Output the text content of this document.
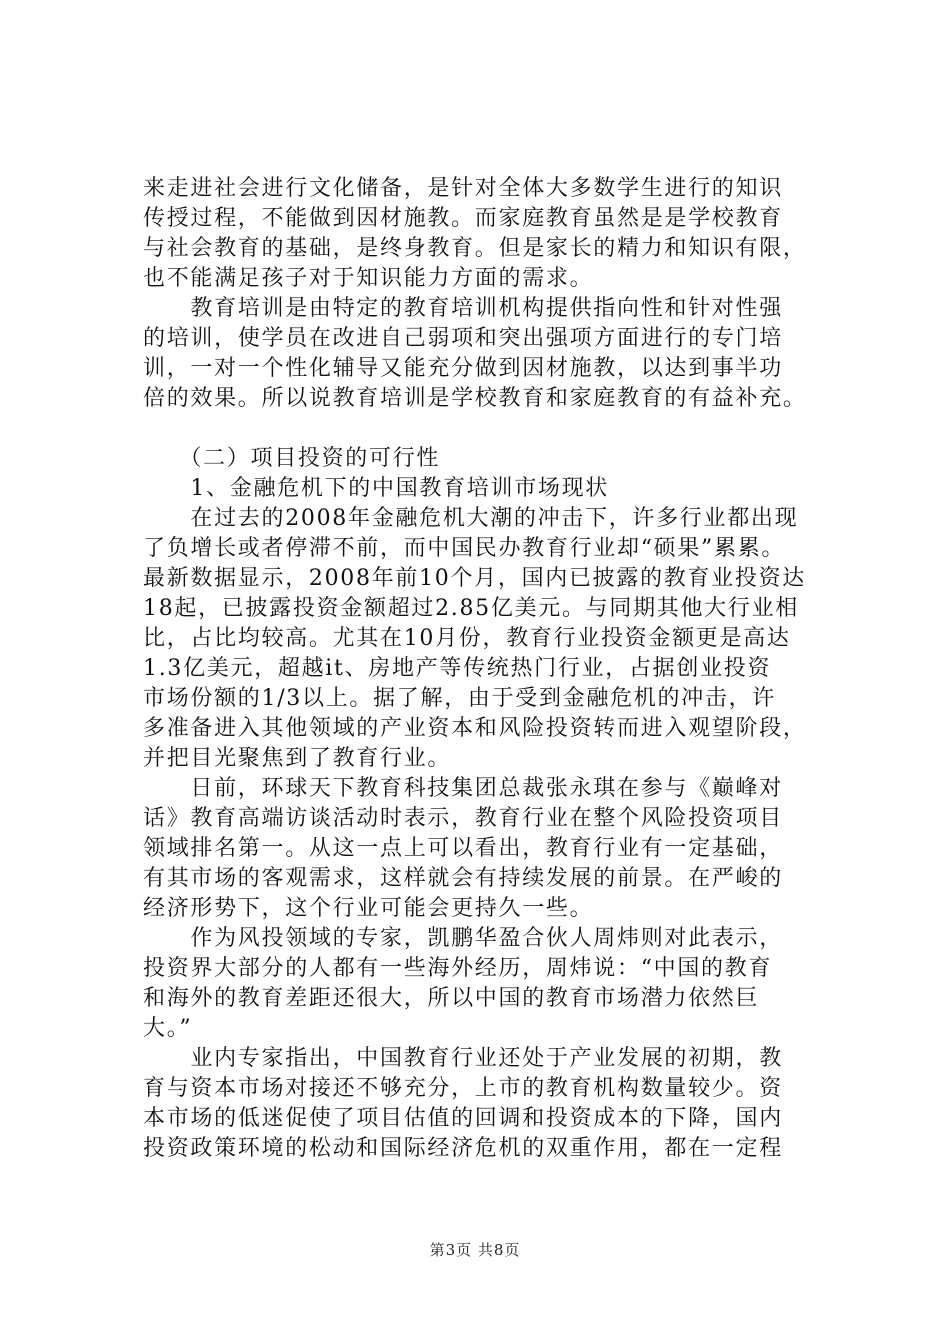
来走进社会进行文化储备，是针对全体大多数学生进行的知识
传授过程，不能做到因材施教。而家庭教育虽然是是学校教育
与社会教育的基础，是终身教育。但是家长的精力和知识有限，
也不能满足孩子对于知识能力方面的需求。
　　教育培训是由特定的教育培训机构提供指向性和针对性强
的培训，使学员在改进自己弱项和突出强项方面进行的专门培
训，一对一个性化辅导又能充分做到因材施教，以达到事半功
倍的效果。所以说教育培训是学校教育和家庭教育的有益补充。
　　（二）项目投资的可行性
　　1、金融危机下的中国教育培训市场现状
　　在过去的2008年金融危机大潮的冲击下，许多行业都出现
了负增长或者停滞不前，而中国民办教育行业却“硕果”累累。
最新数据显示，2008年前10个月，国内已披露的教育业投资达
18起，已披露投资金额超过2.85亿美元。与同期其他大行业相
比，占比均较高。尤其在10月份，教育行业投资金额更是高达
1.3亿美元，超越it、房地产等传统热门行业，占据创业投资
市场份额的1/3以上。据了解，由于受到金融危机的冲击，许
多准备进入其他领域的产业资本和风险投资转而进入观望阶段，
并把目光聚焦到了教育行业。
　　日前，环球天下教育科技集团总裁张永琪在参与《巅峰对
话》教育高端访谈活动时表示，教育行业在整个风险投资项目
领域排名第一。从这一点上可以看出，教育行业有一定基础，
有其市场的客观需求，这样就会有持续发展的前景。在严峻的
经济形势下，这个行业可能会更持久一些。
　　作为风投领域的专家，凯鹏华盈合伙人周炜则对此表示，
投资界大部分的人都有一些海外经历，周炜说：“中国的教育
和海外的教育差距还很大，所以中国的教育市场潜力依然巨
大。”
　　业内专家指出，中国教育行业还处于产业发展的初期，教
育与资本市场对接还不够充分，上市的教育机构数量较少。资
本市场的低迷促使了项目估值的回调和投资成本的下降，国内
投资政策环境的松动和国际经济危机的双重作用，都在一定程
第3页 共8页
